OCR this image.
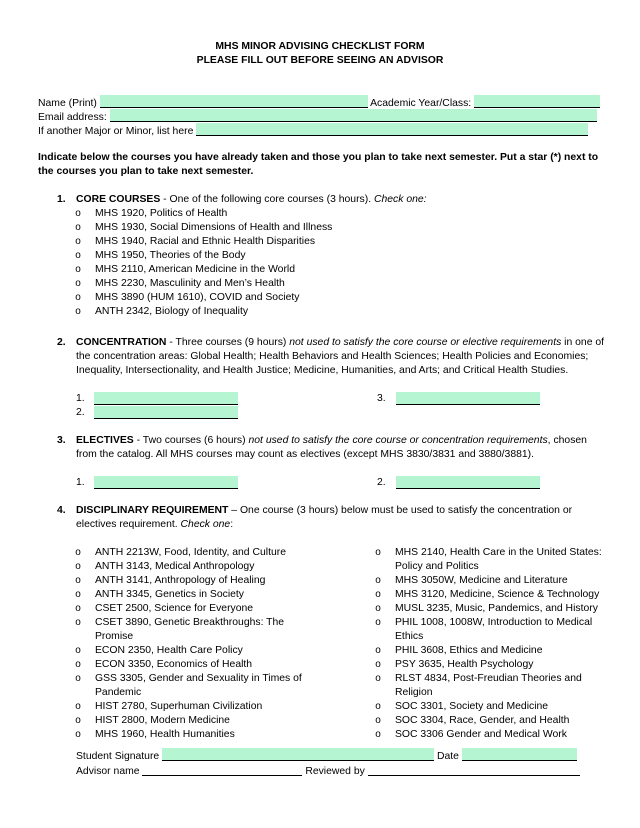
MHS MINOR ADVISING CHECKLIST FORM
PLEASE FILL OUT BEFORE SEEING AN ADVISOR
Name (Print)	Academic Year/Class:
Email address:
If another Major or Minor, list here
Indicate below the courses you have already taken and those you plan to take next semester. Put a star (*) next to the courses you plan to take next semester.
1. CORE COURSES - One of the following core courses (3 hours). Check one:
o MHS 1920, Politics of Health
o MHS 1930, Social Dimensions of Health and Illness
o MHS 1940, Racial and Ethnic Health Disparities
o MHS 1950, Theories of the Body
o MHS 2110, American Medicine in the World
o MHS 2230, Masculinity and Men’s Health
o MHS 3890 (HUM 1610), COVID and Society
o ANTH 2342, Biology of Inequality
2. CONCENTRATION - Three courses (9 hours) not used to satisfy the core course or elective requirements in one of the concentration areas: Global Health; Health Behaviors and Health Sciences; Health Policies and Economies; Inequality, Intersectionality, and Health Justice; Medicine, Humanities, and Arts; and Critical Health Studies.
1.
2.
3.
3. ELECTIVES - Two courses (6 hours) not used to satisfy the core course or concentration requirements, chosen from the catalog. All MHS courses may count as electives (except MHS 3830/3831 and 3880/3881).
1.	2.
4. DISCIPLINARY REQUIREMENT – One course (3 hours) below must be used to satisfy the concentration or electives requirement. Check one:
o ANTH 2213W, Food, Identity, and Culture
o ANTH 3143, Medical Anthropology
o ANTH 3141, Anthropology of Healing
o ANTH 3345, Genetics in Society
o CSET 2500, Science for Everyone
o CSET 3890, Genetic Breakthroughs: The
Promise
o ECON 2350, Health Care Policy
o ECON 3350, Economics of Health
o GSS 3305, Gender and Sexuality in Times of
Pandemic
o HIST 2780, Superhuman Civilization
o HIST 2800, Modern Medicine
o MHS 1960, Health Humanities
o MHS 2140, Health Care in the United States:
Policy and Politics
o MHS 3050W, Medicine and Literature
o MHS 3120, Medicine, Science & Technology
o MUSL 3235, Music, Pandemics, and History
o PHIL 1008, 1008W, Introduction to Medical
Ethics
o PHIL 3608, Ethics and Medicine
o PSY 3635, Health Psychology
o RLST 4834, Post-Freudian Theories and
Religion
o SOC 3301, Society and Medicine
o SOC 3304, Race, Gender, and Health
o SOC 3306 Gender and Medical Work
Student Signature	Date
Advisor name	Reviewed by
